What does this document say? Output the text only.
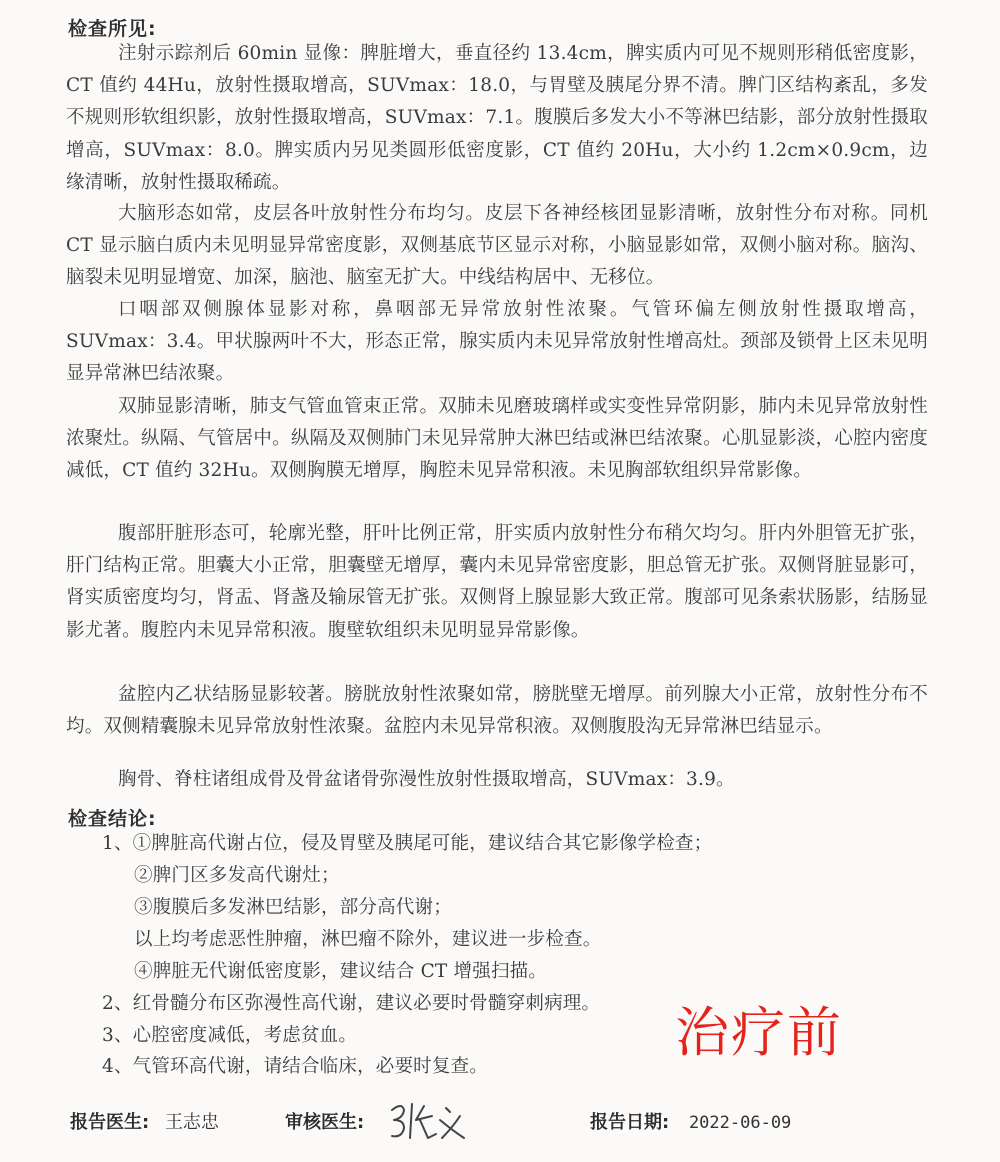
检查所见:
注射示踪剂后 60min 显像：脾脏增大，垂直径约 13.4cm，脾实质内可见不规则形稍低密度影，CT 值约 44Hu，放射性摄取增高，SUVmax：18.0，与胃壁及胰尾分界不清。脾门区结构紊乱，多发不规则形软组织影，放射性摄取增高，SUVmax：7.1。腹膜后多发大小不等淋巴结影，部分放射性摄取增高，SUVmax：8.0。脾实质内另见类圆形低密度影，CT 值约 20Hu，大小约 1.2cm×0.9cm，边缘清晰，放射性摄取稀疏。
大脑形态如常，皮层各叶放射性分布均匀。皮层下各神经核团显影清晰，放射性分布对称。同机 CT 显示脑白质内未见明显异常密度影，双侧基底节区显示对称，小脑显影如常，双侧小脑对称。脑沟、脑裂未见明显增宽、加深，脑池、脑室无扩大。中线结构居中、无移位。
口咽部双侧腺体显影对称，鼻咽部无异常放射性浓聚。气管环偏左侧放射性摄取增高，SUVmax：3.4。甲状腺两叶不大，形态正常，腺实质内未见异常放射性增高灶。颈部及锁骨上区未见明显异常淋巴结浓聚。
双肺显影清晰，肺支气管血管束正常。双肺未见磨玻璃样或实变性异常阴影，肺内未见异常放射性浓聚灶。纵隔、气管居中。纵隔及双侧肺门未见异常肿大淋巴结或淋巴结浓聚。心肌显影淡，心腔内密度减低，CT 值约 32Hu。双侧胸膜无增厚，胸腔未见异常积液。未见胸部软组织异常影像。
腹部肝脏形态可，轮廓光整，肝叶比例正常，肝实质内放射性分布稍欠均匀。肝内外胆管无扩张，肝门结构正常。胆囊大小正常，胆囊壁无增厚，囊内未见异常密度影，胆总管无扩张。双侧肾脏显影可，肾实质密度均匀，肾盂、肾盏及输尿管无扩张。双侧肾上腺显影大致正常。腹部可见条索状肠影，结肠显影尤著。腹腔内未见异常积液。腹壁软组织未见明显异常影像。
盆腔内乙状结肠显影较著。膀胱放射性浓聚如常，膀胱壁无增厚。前列腺大小正常，放射性分布不均。双侧精囊腺未见异常放射性浓聚。盆腔内未见异常积液。双侧腹股沟无异常淋巴结显示。
胸骨、脊柱诸组成骨及骨盆诸骨弥漫性放射性摄取增高，SUVmax：3.9。
检查结论:
1、①脾脏高代谢占位，侵及胃壁及胰尾可能，建议结合其它影像学检查；
②脾门区多发高代谢灶；
③腹膜后多发淋巴结影，部分高代谢；
以上均考虑恶性肿瘤，淋巴瘤不除外，建议进一步检查。
④脾脏无代谢低密度影，建议结合 CT 增强扫描。
2、红骨髓分布区弥漫性高代谢，建议必要时骨髓穿刺病理。
3、心腔密度减低，考虑贫血。
4、气管环高代谢，请结合临床，必要时复查。
治疗前
报告医生: 王志忠	审核医生:	报告日期: 2022-06-09
